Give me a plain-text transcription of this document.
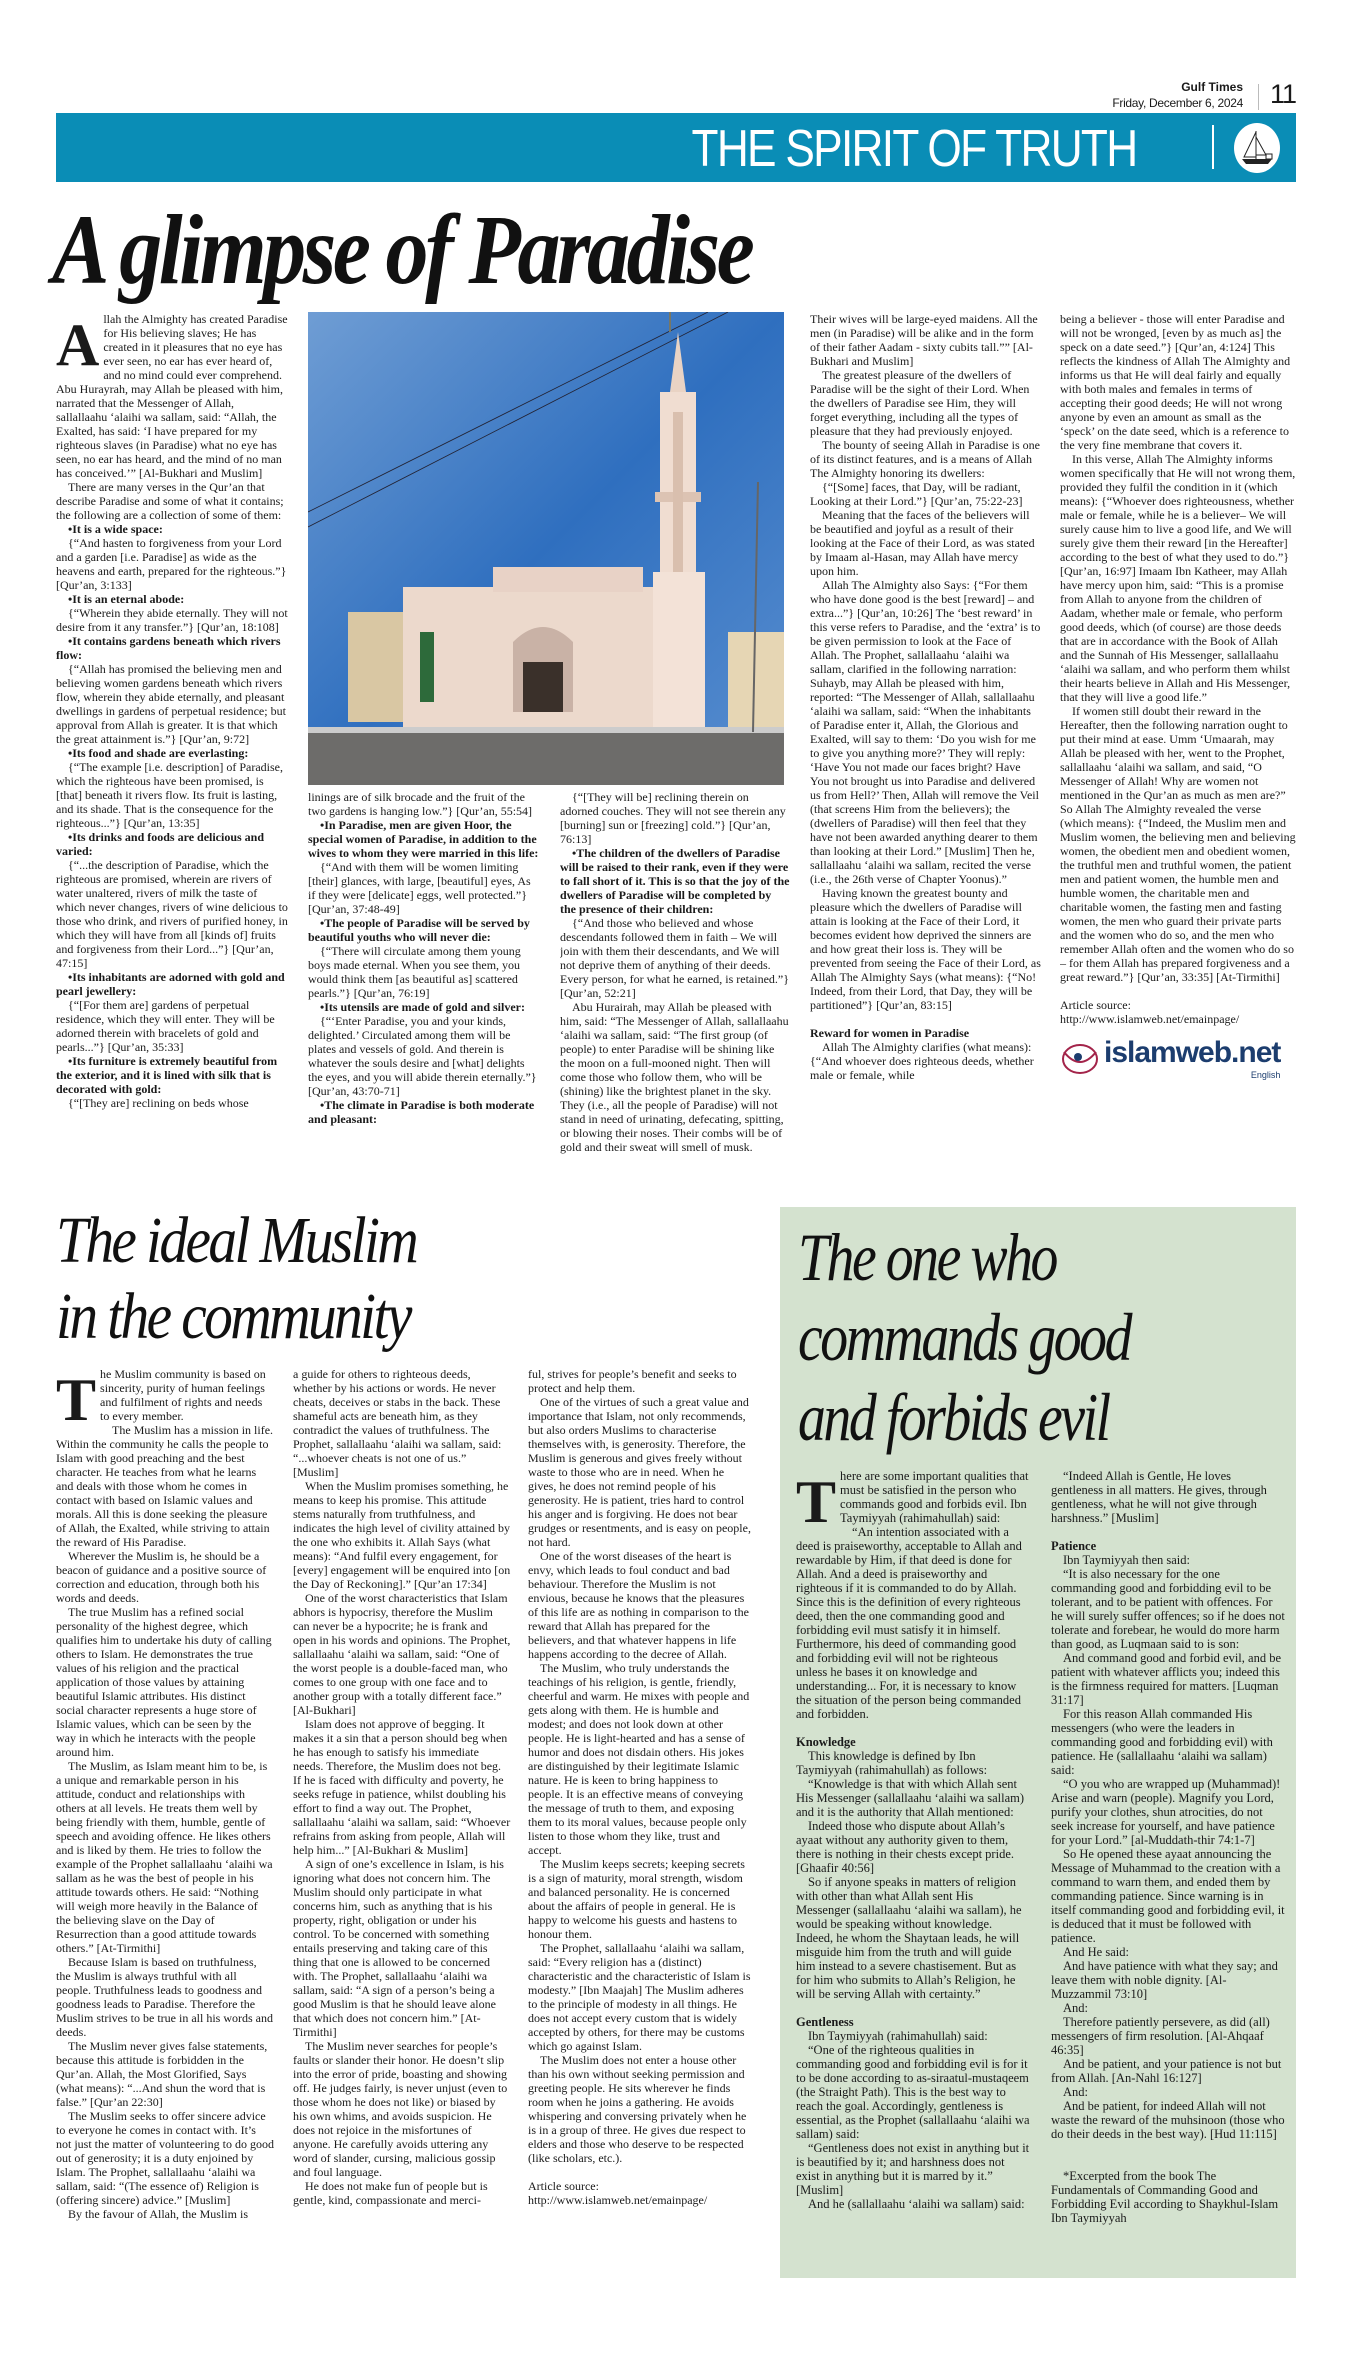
Gulf Times
Friday, December 6, 2024 11
THE SPIRIT OF TRUTH
A glimpse of Paradise

Allah the Almighty has created Paradise for His believing slaves; He has created in it pleasures that no eye has ever seen, no ear has ever heard of, and no mind could ever comprehend. Abu Hurayrah, may Allah be pleased with him, narrated that the Messenger of Allah, sallallaahu ‘alaihi wa sallam, said: “Allah, the Exalted, has said: ‘I have prepared for my righteous slaves (in Paradise) what no eye has seen, no ear has heard, and the mind of no man has conceived.’” [Al-Bukhari and Muslim]

There are many verses in the Qur’an that describe Paradise and some of what it contains; the following are a collection of some of them:

• It is a wide space:

{“And hasten to forgiveness from your Lord and a garden [i.e. Paradise] as wide as the heavens and earth, prepared for the righteous.”} [Qur’an, 3:133]

• It is an eternal abode:

{“Wherein they abide eternally. They will not desire from it any transfer.”} [Qur’an, 18:108]

• It contains gardens beneath which rivers flow:

{“Allah has promised the believing men and believing women gardens beneath which rivers flow, wherein they abide eternally, and pleasant dwellings in gardens of perpetual residence; but approval from Allah is greater. It is that which the great attainment is.”} [Qur’an, 9:72]

• Its food and shade are everlasting:

{“The example [i.e. description] of Paradise, which the righteous have been promised, is [that] beneath it rivers flow. Its fruit is lasting, and its shade. That is the consequence for the righteous...”} [Qur’an, 13:35]

• Its drinks and foods are delicious and varied:

{“...the description of Paradise, which the righteous are promised, wherein are rivers of water unaltered, rivers of milk the taste of which never changes, rivers of wine delicious to those who drink, and rivers of purified honey, in which they will have from all [kinds of] fruits and forgiveness from their Lord...”} [Qur’an, 47:15]

• Its inhabitants are adorned with gold and pearl jewellery:

{“[For them are] gardens of perpetual residence, which they will enter. They will be adorned therein with bracelets of gold and pearls...”} [Qur’an, 35:33]

• Its furniture is extremely beautiful from the exterior, and it is lined with silk that is decorated with gold:

{“[They are] reclining on beds whose

linings are of silk brocade and the fruit of the two gardens is hanging low.”} [Qur’an, 55:54]

• In Paradise, men are given Hoor, the special women of Paradise, in addition to the wives to whom they were married in this life:

{“And with them will be women limiting [their] glances, with large, [beautiful] eyes, As if they were [delicate] eggs, well protected.”} [Qur’an, 37:48-49]

• The people of Paradise will be served by beautiful youths who will never die:

{“There will circulate among them young boys made eternal. When you see them, you would think them [as beautiful as] scattered pearls.”} [Qur’an, 76:19]

• Its utensils are made of gold and silver:

{“‘Enter Paradise, you and your kinds, delighted.’ Circulated among them will be plates and vessels of gold. And therein is whatever the souls desire and [what] delights the eyes, and you will abide therein eternally.”} [Qur’an, 43:70-71]

• The climate in Paradise is both moderate and pleasant:

{“[They will be] reclining therein on adorned couches. They will not see therein any [burning] sun or [freezing] cold.”} [Qur’an, 76:13]

• The children of the dwellers of Paradise will be raised to their rank, even if they were to fall short of it. This is so that the joy of the dwellers of Paradise will be completed by the presence of their children:

{“And those who believed and whose descendants followed them in faith – We will join with them their descendants, and We will not deprive them of anything of their deeds. Every person, for what he earned, is retained.”} [Qur’an, 52:21]

Abu Hurairah, may Allah be pleased with him, said: “The Messenger of Allah, sallallaahu ‘alaihi wa sallam, said: “The first group (of people) to enter Paradise will be shining like the moon on a full-mooned night. Then will come those who follow them, who will be (shining) like the brightest planet in the sky. They (i.e., all the people of Paradise) will not stand in need of urinating, defecating, spitting, or blowing their noses. Their combs will be of gold and their sweat will smell of musk.

Their wives will be large-eyed maidens. All the men (in Paradise) will be alike and in the form of their father Aadam - sixty cubits tall.”” [Al-Bukhari and Muslim]

The greatest pleasure of the dwellers of Paradise will be the sight of their Lord. When the dwellers of Paradise see Him, they will forget everything, including all the types of pleasure that they had previously enjoyed.

The bounty of seeing Allah in Paradise is one of its distinct features, and is a means of Allah The Almighty honoring its dwellers:

{“[Some] faces, that Day, will be radiant, Looking at their Lord.”} [Qur’an, 75:22-23]

Meaning that the faces of the believers will be beautified and joyful as a result of their looking at the Face of their Lord, as was stated by Imaam al-Hasan, may Allah have mercy upon him.

Allah The Almighty also Says: {“For them who have done good is the best [reward] – and extra...”} [Qur’an, 10:26] The ‘best reward’ in this verse refers to Paradise, and the ‘extra’ is to be given permission to look at the Face of Allah. The Prophet, sallallaahu ‘alaihi wa sallam, clarified in the following narration: Suhayb, may Allah be pleased with him, reported: “The Messenger of Allah, sallallaahu ‘alaihi wa sallam, said: “When the inhabitants of Paradise enter it, Allah, the Glorious and Exalted, will say to them: ‘Do you wish for me to give you anything more?’ They will reply: ‘Have You not made our faces bright? Have You not brought us into Paradise and delivered us from Hell?’ Then, Allah will remove the Veil (that screens Him from the believers); the (dwellers of Paradise) will then feel that they have not been awarded anything dearer to them than looking at their Lord.” [Muslim] Then he, sallallaahu ‘alaihi wa sallam, recited the verse (i.e., the 26th verse of Chapter Yoonus).”

Having known the greatest bounty and pleasure which the dwellers of Paradise will attain is looking at the Face of their Lord, it becomes evident how deprived the sinners are and how great their loss is. They will be prevented from seeing the Face of their Lord, as Allah The Almighty Says (what means): {“No! Indeed, from their Lord, that Day, they will be partitioned”} [Qur’an, 83:15]

Reward for women in Paradise

Allah The Almighty clarifies (what means): {“And whoever does righteous deeds, whether male or female, while

being a believer - those will enter Paradise and will not be wronged, [even by as much as] the speck on a date seed.”} [Qur’an, 4:124] This reflects the kindness of Allah The Almighty and informs us that He will deal fairly and equally with both males and females in terms of accepting their good deeds; He will not wrong anyone by even an amount as small as the ‘speck’ on the date seed, which is a reference to the very fine membrane that covers it.

In this verse, Allah The Almighty informs women specifically that He will not wrong them, provided they fulfil the condition in it (which means): {“Whoever does righteousness, whether male or female, while he is a believer– We will surely cause him to live a good life, and We will surely give them their reward [in the Hereafter] according to the best of what they used to do.”} [Qur’an, 16:97] Imaam Ibn Katheer, may Allah have mercy upon him, said: “This is a promise from Allah to anyone from the children of Aadam, whether male or female, who perform good deeds, which (of course) are those deeds that are in accordance with the Book of Allah and the Sunnah of His Messenger, sallallaahu ‘alaihi wa sallam, and who perform them whilst their hearts believe in Allah and His Messenger, that they will live a good life.”

If women still doubt their reward in the Hereafter, then the following narration ought to put their mind at ease. Umm ‘Umaarah, may Allah be pleased with her, went to the Prophet, sallallaahu ‘alaihi wa sallam, and said, “O Messenger of Allah! Why are women not mentioned in the Qur’an as much as men are?” So Allah The Almighty revealed the verse (which means): {“Indeed, the Muslim men and Muslim women, the believing men and believing women, the obedient men and obedient women, the truthful men and truthful women, the patient men and patient women, the humble men and humble women, the charitable men and charitable women, the fasting men and fasting women, the men who guard their private parts and the women who do so, and the men who remember Allah often and the women who do so – for them Allah has prepared forgiveness and a great reward.”} [Qur’an, 33:35] [At-Tirmithi]

Article source: http://www.islamweb.net/emainpage/

islamweb.net
English
The ideal Muslim
in the community

The Muslim community is based on sincerity, purity of human feelings and fulfilment of rights and needs to every member.

The Muslim has a mission in life. Within the community he calls the people to Islam with good preaching and the best character. He teaches from what he learns and deals with those whom he comes in contact with based on Islamic values and morals. All this is done seeking the pleasure of Allah, the Exalted, while striving to attain the reward of His Paradise.

Wherever the Muslim is, he should be a beacon of guidance and a positive source of correction and education, through both his words and deeds.

The true Muslim has a refined social personality of the highest degree, which qualifies him to undertake his duty of calling others to Islam. He demonstrates the true values of his religion and the practical application of those values by attaining beautiful Islamic attributes. His distinct social character represents a huge store of Islamic values, which can be seen by the way in which he interacts with the people around him.

The Muslim, as Islam meant him to be, is a unique and remarkable person in his attitude, conduct and relationships with others at all levels. He treats them well by being friendly with them, humble, gentle of speech and avoiding offence. He likes others and is liked by them. He tries to follow the example of the Prophet sallallaahu ‘alaihi wa sallam as he was the best of people in his attitude towards others. He said: “Nothing will weigh more heavily in the Balance of the believing slave on the Day of Resurrection than a good attitude towards others.” [At-Tirmithi]

Because Islam is based on truthfulness, the Muslim is always truthful with all people. Truthfulness leads to goodness and goodness leads to Paradise. Therefore the Muslim strives to be true in all his words and deeds.

The Muslim never gives false statements, because this attitude is forbidden in the Qur’an. Allah, the Most Glorified, Says (what means): “...And shun the word that is false.” [Qur’an 22:30]

The Muslim seeks to offer sincere advice to everyone he comes in contact with. It’s not just the matter of volunteering to do good out of generosity; it is a duty enjoined by Islam. The Prophet, sallallaahu ‘alaihi wa sallam, said: “(The essence of) Religion is (offering sincere) advice.” [Muslim]

By the favour of Allah, the Muslim is

a guide for others to righteous deeds, whether by his actions or words. He never cheats, deceives or stabs in the back. These shameful acts are beneath him, as they contradict the values of truthfulness. The Prophet, sallallaahu ‘alaihi wa sallam, said: “...whoever cheats is not one of us.” [Muslim]

When the Muslim promises something, he means to keep his promise. This attitude stems naturally from truthfulness, and indicates the high level of civility attained by the one who exhibits it. Allah Says (what means): “And fulfil every engagement, for [every] engagement will be enquired into [on the Day of Reckoning].” [Qur’an 17:34]

One of the worst characteristics that Islam abhors is hypocrisy, therefore the Muslim can never be a hypocrite; he is frank and open in his words and opinions. The Prophet, sallallaahu ‘alaihi wa sallam, said: “One of the worst people is a double-faced man, who comes to one group with one face and to another group with a totally different face.” [Al-Bukhari]

Islam does not approve of begging. It makes it a sin that a person should beg when he has enough to satisfy his immediate needs. Therefore, the Muslim does not beg. If he is faced with difficulty and poverty, he seeks refuge in patience, whilst doubling his effort to find a way out. The Prophet, sallallaahu ‘alaihi wa sallam, said: “Whoever refrains from asking from people, Allah will help him...” [Al-Bukhari & Muslim]

A sign of one’s excellence in Islam, is his ignoring what does not concern him. The Muslim should only participate in what concerns him, such as anything that is his property, right, obligation or under his control. To be concerned with something entails preserving and taking care of this thing that one is allowed to be concerned with. The Prophet, sallallaahu ‘alaihi wa sallam, said: “A sign of a person’s being a good Muslim is that he should leave alone that which does not concern him.” [At-Tirmithi]

The Muslim never searches for people’s faults or slander their honor. He doesn’t slip into the error of pride, boasting and showing off. He judges fairly, is never unjust (even to those whom he does not like) or biased by his own whims, and avoids suspicion. He does not rejoice in the misfortunes of anyone. He carefully avoids uttering any word of slander, cursing, malicious gossip and foul language.

He does not make fun of people but is gentle, kind, compassionate and merci-

ful, strives for people’s benefit and seeks to protect and help them.

One of the virtues of such a great value and importance that Islam, not only recommends, but also orders Muslims to characterise themselves with, is generosity. Therefore, the Muslim is generous and gives freely without waste to those who are in need. When he gives, he does not remind people of his generosity. He is patient, tries hard to control his anger and is forgiving. He does not bear grudges or resentments, and is easy on people, not hard.

One of the worst diseases of the heart is envy, which leads to foul conduct and bad behaviour. Therefore the Muslim is not envious, because he knows that the pleasures of this life are as nothing in comparison to the reward that Allah has prepared for the believers, and that whatever happens in life happens according to the decree of Allah.

The Muslim, who truly understands the teachings of his religion, is gentle, friendly, cheerful and warm. He mixes with people and gets along with them. He is humble and modest; and does not look down at other people. He is light-hearted and has a sense of humor and does not disdain others. His jokes are distinguished by their legitimate Islamic nature. He is keen to bring happiness to people. It is an effective means of conveying the message of truth to them, and exposing them to its moral values, because people only listen to those whom they like, trust and accept.

The Muslim keeps secrets; keeping secrets is a sign of maturity, moral strength, wisdom and balanced personality. He is concerned about the affairs of people in general. He is happy to welcome his guests and hastens to honour them.

The Prophet, sallallaahu ‘alaihi wa sallam, said: “Every religion has a (distinct) characteristic and the characteristic of Islam is modesty.” [Ibn Maajah] The Muslim adheres to the principle of modesty in all things. He does not accept every custom that is widely accepted by others, for there may be customs which go against Islam.

The Muslim does not enter a house other than his own without seeking permission and greeting people. He sits wherever he finds room when he joins a gathering. He avoids whispering and conversing privately when he is in a group of three. He gives due respect to elders and those who deserve to be respected (like scholars, etc.).

Article source: http://www.islamweb.net/emainpage/

The one who
commands good
and forbids evil

There are some important qualities that must be satisfied in the person who commands good and forbids evil. Ibn Taymiyyah (rahimahullah) said:

“An intention associated with a deed is praiseworthy, acceptable to Allah and rewardable by Him, if that deed is done for Allah. And a deed is praiseworthy and righteous if it is commanded to do by Allah. Since this is the definition of every righteous deed, then the one commanding good and forbidding evil must satisfy it in himself. Furthermore, his deed of commanding good and forbidding evil will not be righteous unless he bases it on knowledge and understanding... For, it is necessary to know the situation of the person being commanded and forbidden.

Knowledge

This knowledge is defined by Ibn Taymiyyah (rahimahullah) as follows:

“Knowledge is that with which Allah sent His Messenger (sallallaahu ‘alaihi wa sallam) and it is the authority that Allah mentioned:

Indeed those who dispute about Allah’s ayaat without any authority given to them, there is nothing in their chests except pride. [Ghaafir 40:56]

So if anyone speaks in matters of religion with other than what Allah sent His Messenger (sallallaahu ‘alaihi wa sallam), he would be speaking without knowledge. Indeed, he whom the Shaytaan leads, he will misguide him from the truth and will guide him instead to a severe chastisement. But as for him who submits to Allah’s Religion, he will be serving Allah with certainty.”

Gentleness

Ibn Taymiyyah (rahimahullah) said:

“One of the righteous qualities in commanding good and forbidding evil is for it to be done according to as-siraatul-mustaqeem (the Straight Path). This is the best way to reach the goal. Accordingly, gentleness is essential, as the Prophet (sallallaahu ‘alaihi wa sallam) said:

“Gentleness does not exist in anything but it is beautified by it; and harshness does not exist in anything but it is marred by it.” [Muslim]

And he (sallallaahu ‘alaihi wa sallam) said:

“Indeed Allah is Gentle, He loves gentleness in all matters. He gives, through gentleness, what he will not give through harshness.” [Muslim]

Patience

Ibn Taymiyyah then said:

“It is also necessary for the one commanding good and forbidding evil to be tolerant, and to be patient with offences. For he will surely suffer offences; so if he does not tolerate and forebear, he would do more harm than good, as Luqmaan said to is son:

And command good and forbid evil, and be patient with whatever afflicts you; indeed this is the firmness required for matters. [Luqman 31:17]

For this reason Allah commanded His messengers (who were the leaders in commanding good and forbidding evil) with patience. He (sallallaahu ‘alaihi wa sallam) said:

“O you who are wrapped up (Muhammad)! Arise and warn (people). Magnify you Lord, purify your clothes, shun atrocities, do not seek increase for yourself, and have patience for your Lord.” [al-Muddath-thir 74:1-7]

So He opened these ayaat announcing the Message of Muhammad to the creation with a command to warn them, and ended them by commanding patience. Since warning is in itself commanding good and forbidding evil, it is deduced that it must be followed with patience.

And He said:

And have patience with what they say; and leave them with noble dignity. [Al-Muzzammil 73:10]

And:

Therefore patiently persevere, as did (all) messengers of firm resolution. [Al-Ahqaaf 46:35]

And be patient, and your patience is not but from Allah. [An-Nahl 16:127]

And:

And be patient, for indeed Allah will not waste the reward of the muhsinoon (those who do their deeds in the best way). [Hud 11:115]

*Excerpted from the book The Fundamentals of Commanding Good and Forbidding Evil according to Shaykhul-Islam Ibn Taymiyyah
